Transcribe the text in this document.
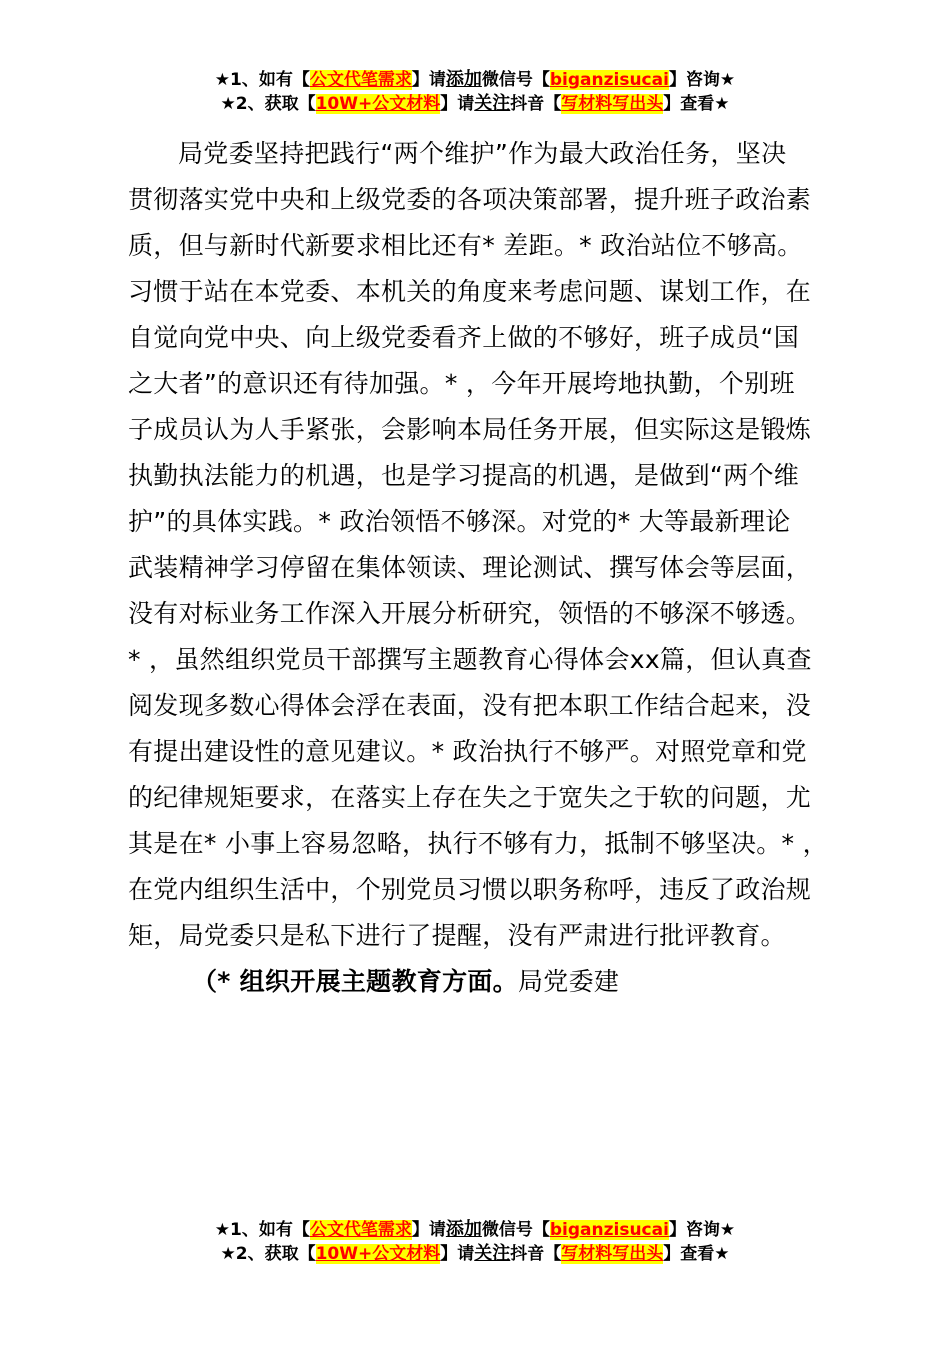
★1、如有【公文代笔需求】请添加微信号【biganzisucai】咨询★
★2、获取【10W+公文材料】请关注抖音【写材料写出头】查看★
局党委坚持把践行“两个维护”作为最大政治任务，坚决
贯彻落实党中央和上级党委的各项决策部署，提升班子政治素
质，但与新时代新要求相比还有* 差距。* 政治站位不够高。
习惯于站在本党委、本机关的角度来考虑问题、谋划工作，在
自觉向党中央、向上级党委看齐上做的不够好，班子成员“国
之大者”的意识还有待加强。* ，今年开展垮地执勤，个别班
子成员认为人手紧张，会影响本局任务开展，但实际这是锻炼
执勤执法能力的机遇，也是学习提高的机遇，是做到“两个维
护”的具体实践。* 政治领悟不够深。对党的* 大等最新理论
武装精神学习停留在集体领读、理论测试、撰写体会等层面，
没有对标业务工作深入开展分析研究，领悟的不够深不够透。
* ，虽然组织党员干部撰写主题教育心得体会xx篇，但认真查
阅发现多数心得体会浮在表面，没有把本职工作结合起来，没
有提出建设性的意见建议。* 政治执行不够严。对照党章和党
的纪律规矩要求，在落实上存在失之于宽失之于软的问题，尤
其是在* 小事上容易忽略，执行不够有力，抵制不够坚决。* ，
在党内组织生活中，个别党员习惯以职务称呼，违反了政治规
矩，局党委只是私下进行了提醒，没有严肃进行批评教育。
（* 组织开展主题教育方面。局党委建
★1、如有【公文代笔需求】请添加微信号【biganzisucai】咨询★
★2、获取【10W+公文材料】请关注抖音【写材料写出头】查看★
